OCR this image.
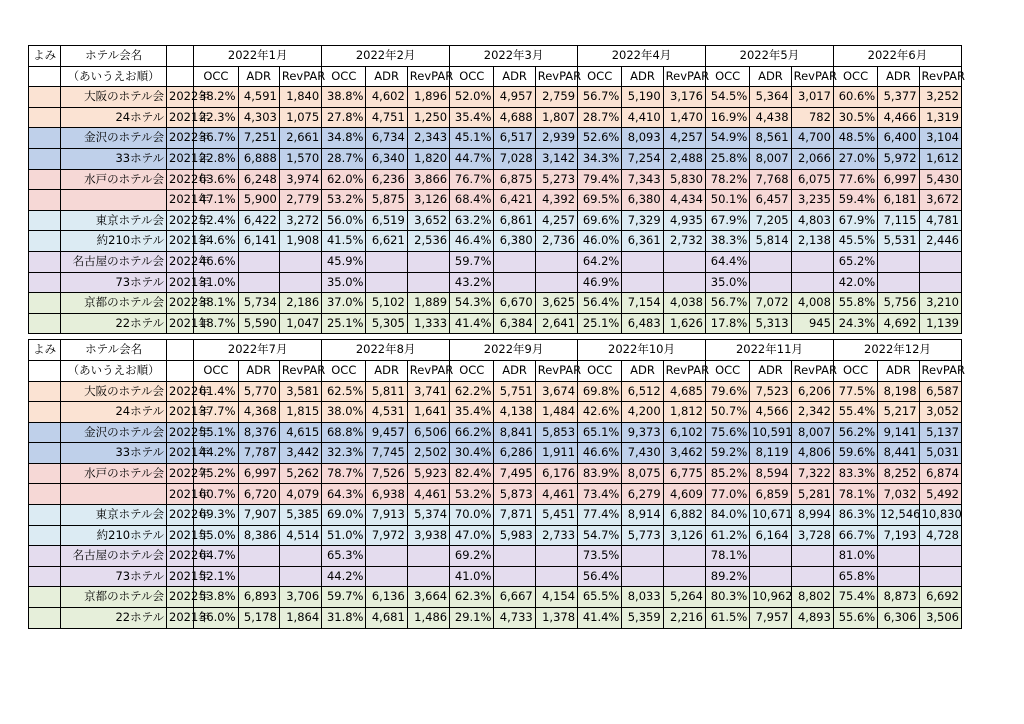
よみ	ホテル会名		2022年1月			2022年2月			2022年3月			2022年4月			2022年5月			2022年6月		
	（あいうえお順）		OCC	ADR	RevPAR	OCC	ADR	RevPAR	OCC	ADR	RevPAR	OCC	ADR	RevPAR	OCC	ADR	RevPAR	OCC	ADR	RevPAR
	大阪のホテル会	2022年	38.2%	4,591	1,840	38.8%	4,602	1,896	52.0%	4,957	2,759	56.7%	5,190	3,176	54.5%	5,364	3,017	60.6%	5,377	3,252
	24ホテル	2021年	22.3%	4,303	1,075	27.8%	4,751	1,250	35.4%	4,688	1,807	28.7%	4,410	1,470	16.9%	4,438	782	30.5%	4,466	1,319
	金沢のホテル会	2022年	36.7%	7,251	2,661	34.8%	6,734	2,343	45.1%	6,517	2,939	52.6%	8,093	4,257	54.9%	8,561	4,700	48.5%	6,400	3,104
	33ホテル	2021年	22.8%	6,888	1,570	28.7%	6,340	1,820	44.7%	7,028	3,142	34.3%	7,254	2,488	25.8%	8,007	2,066	27.0%	5,972	1,612
	水戸のホテル会	2022年	63.6%	6,248	3,974	62.0%	6,236	3,866	76.7%	6,875	5,273	79.4%	7,343	5,830	78.2%	7,768	6,075	77.6%	6,997	5,430
		2021年	47.1%	5,900	2,779	53.2%	5,875	3,126	68.4%	6,421	4,392	69.5%	6,380	4,434	50.1%	6,457	3,235	59.4%	6,181	3,672
	東京ホテル会	2022年	52.4%	6,422	3,272	56.0%	6,519	3,652	63.2%	6,861	4,257	69.6%	7,329	4,935	67.9%	7,205	4,803	67.9%	7,115	4,781
	約210ホテル	2021年	34.6%	6,141	1,908	41.5%	6,621	2,536	46.4%	6,380	2,736	46.0%	6,361	2,732	38.3%	5,814	2,138	45.5%	5,531	2,446
	名古屋のホテル会	2022年	46.6%			45.9%			59.7%			64.2%			64.4%			65.2%		
	73ホテル	2021年	31.0%			35.0%			43.2%			46.9%			35.0%			42.0%		
	京都のホテル会	2022年	38.1%	5,734	2,186	37.0%	5,102	1,889	54.3%	6,670	3,625	56.4%	7,154	4,038	56.7%	7,072	4,008	55.8%	5,756	3,210
	22ホテル	2021年	18.7%	5,590	1,047	25.1%	5,305	1,333	41.4%	6,384	2,641	25.1%	6,483	1,626	17.8%	5,313	945	24.3%	4,692	1,139

よみ	ホテル会名		2022年7月			2022年8月			2022年9月			2022年10月			2022年11月			2022年12月		
	（あいうえお順）		OCC	ADR	RevPAR	OCC	ADR	RevPAR	OCC	ADR	RevPAR	OCC	ADR	RevPAR	OCC	ADR	RevPAR	OCC	ADR	RevPAR
	大阪のホテル会	2022年	61.4%	5,770	3,581	62.5%	5,811	3,741	62.2%	5,751	3,674	69.8%	6,512	4,685	79.6%	7,523	6,206	77.5%	8,198	6,587
	24ホテル	2021年	37.7%	4,368	1,815	38.0%	4,531	1,641	35.4%	4,138	1,484	42.6%	4,200	1,812	50.7%	4,566	2,342	55.4%	5,217	3,052
	金沢のホテル会	2022年	55.1%	8,376	4,615	68.8%	9,457	6,506	66.2%	8,841	5,853	65.1%	9,373	6,102	75.6%	10,591	8,007	56.2%	9,141	5,137
	33ホテル	2021年	44.2%	7,787	3,442	32.3%	7,745	2,502	30.4%	6,286	1,911	46.6%	7,430	3,462	59.2%	8,119	4,806	59.6%	8,441	5,031
	水戸のホテル会	2022年	75.2%	6,997	5,262	78.7%	7,526	5,923	82.4%	7,495	6,176	83.9%	8,075	6,775	85.2%	8,594	7,322	83.3%	8,252	6,874
		2021年	60.7%	6,720	4,079	64.3%	6,938	4,461	53.2%	5,873	4,461	73.4%	6,279	4,609	77.0%	6,859	5,281	78.1%	7,032	5,492
	東京ホテル会	2022年	69.3%	7,907	5,385	69.0%	7,913	5,374	70.0%	7,871	5,451	77.4%	8,914	6,882	84.0%	10,671	8,994	86.3%	12,546	10,830
	約210ホテル	2021年	55.0%	8,386	4,514	51.0%	7,972	3,938	47.0%	5,983	2,733	54.7%	5,773	3,126	61.2%	6,164	3,728	66.7%	7,193	4,728
	名古屋のホテル会	2022年	64.7%			65.3%			69.2%			73.5%			78.1%			81.0%		
	73ホテル	2021年	52.1%			44.2%			41.0%			56.4%			89.2%			65.8%		
	京都のホテル会	2022年	53.8%	6,893	3,706	59.7%	6,136	3,664	62.3%	6,667	4,154	65.5%	8,033	5,264	80.3%	10,962	8,802	75.4%	8,873	6,692
	22ホテル	2021年	36.0%	5,178	1,864	31.8%	4,681	1,486	29.1%	4,733	1,378	41.4%	5,359	2,216	61.5%	7,957	4,893	55.6%	6,306	3,506
